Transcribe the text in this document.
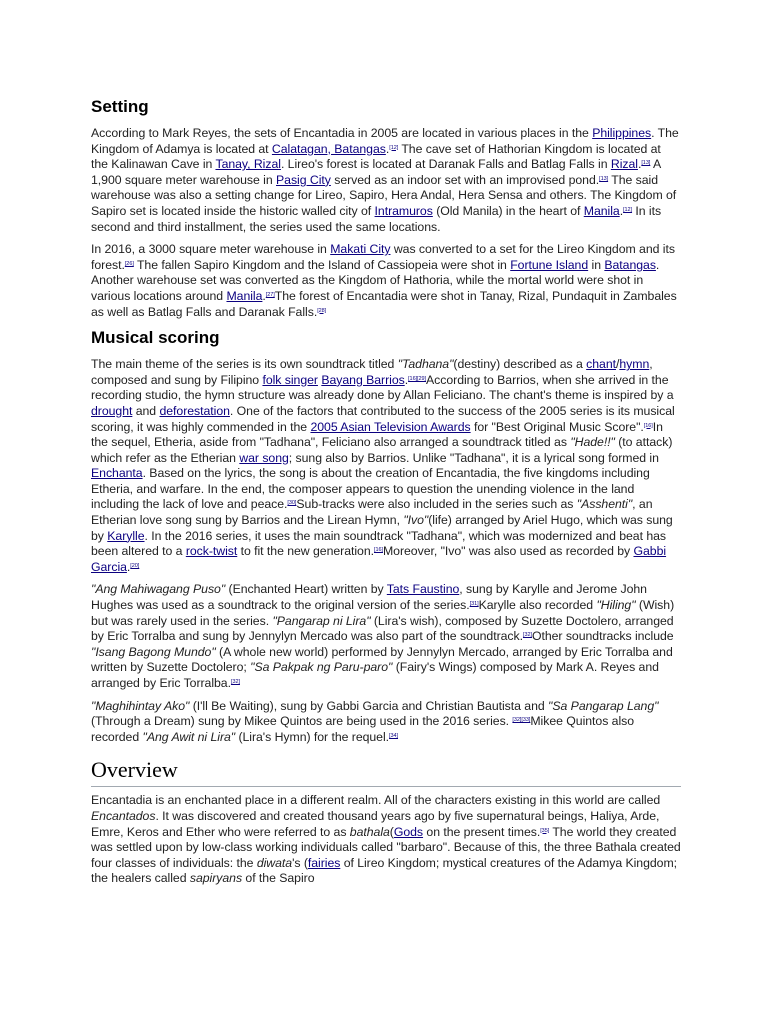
Setting

According to Mark Reyes, the sets of Encantadia in 2005 are located in various places in the Philippines. The Kingdom of Adamya is located at Calatagan, Batangas.[12] The cave set of Hathorian Kingdom is located at the Kalinawan Cave in Tanay, Rizal. Lireo's forest is located at Daranak Falls and Batlag Falls in Rizal.[13] A 1,900 square meter warehouse in Pasig City served as an indoor set with an improvised pond.[13] The said warehouse was also a setting change for Lireo, Sapiro, Hera Andal, Hera Sensa and others. The Kingdom of Sapiro set is located inside the historic walled city of Intramuros (Old Manila) in the heart of Manila.[12] In its second and third installment, the series used the same locations.

In 2016, a 3000 square meter warehouse in Makati City was converted to a set for the Lireo Kingdom and its forest.[26] The fallen Sapiro Kingdom and the Island of Cassiopeia were shot in Fortune Island in Batangas. Another warehouse set was converted as the Kingdom of Hathoria, while the mortal world were shot in various locations around Manila.[27]The forest of Encantadia were shot in Tanay, Rizal, Pundaquit in Zambales as well as Batlag Falls and Daranak Falls.[28]

Musical scoring

The main theme of the series is its own soundtrack titled "Tadhana"(destiny) described as a chant/hymn, composed and sung by Filipino folk singer Bayang Barrios.[16][29]According to Barrios, when she arrived in the recording studio, the hymn structure was already done by Allan Feliciano. The chant's theme is inspired by a drought and deforestation. One of the factors that contributed to the success of the 2005 series is its musical scoring, it was highly commended in the 2005 Asian Television Awards for "Best Original Music Score".[16]In the sequel, Etheria, aside from "Tadhana", Feliciano also arranged a soundtrack titled as "Hade!!" (to attack) which refer as the Etherian war song; sung also by Barrios. Unlike "Tadhana", it is a lyrical song formed in Enchanta. Based on the lyrics, the song is about the creation of Encantadia, the five kingdoms including Etheria, and warfare. In the end, the composer appears to question the unending violence in the land including the lack of love and peace.[30]Sub-tracks were also included in the series such as "Asshenti", an Etherian love song sung by Barrios and the Lirean Hymn, "Ivo"(life) arranged by Ariel Hugo, which was sung by Karylle. In the 2016 series, it uses the main soundtrack "Tadhana", which was modernized and beat has been altered to a rock-twist to fit the new generation.[16]Moreover, "Ivo" was also used as recorded by Gabbi Garcia.[20]

"Ang Mahiwagang Puso" (Enchanted Heart) written by Tats Faustino, sung by Karylle and Jerome John Hughes was used as a soundtrack to the original version of the series.[31]Karylle also recorded "Hiling" (Wish) but was rarely used in the series. "Pangarap ni Lira" (Lira's wish), composed by Suzette Doctolero, arranged by Eric Torralba and sung by Jennylyn Mercado was also part of the soundtrack.[32]Other soundtracks include "Isang Bagong Mundo" (A whole new world) performed by Jennylyn Mercado, arranged by Eric Torralba and written by Suzette Doctolero; "Sa Pakpak ng Paru-paro" (Fairy's Wings) composed by Mark A. Reyes and arranged by Eric Torralba.[32]

"Maghihintay Ako" (I'll Be Waiting), sung by Gabbi Garcia and Christian Bautista and "Sa Pangarap Lang" (Through a Dream) sung by Mikee Quintos are being used in the 2016 series. [32][33]Mikee Quintos also recorded "Ang Awit ni Lira" (Lira's Hymn) for the requel.[34]

Overview

Encantadia is an enchanted place in a different realm. All of the characters existing in this world are called Encantados. It was discovered and created thousand years ago by five supernatural beings, Haliya, Arde, Emre, Keros and Ether who were referred to as bathala(Gods on the present times.[35] The world they created was settled upon by low-class working individuals called "barbaro". Because of this, the three Bathala created four classes of individuals: the diwata's (fairies of Lireo Kingdom; mystical creatures of the Adamya Kingdom; the healers called sapiryans of the Sapiro
